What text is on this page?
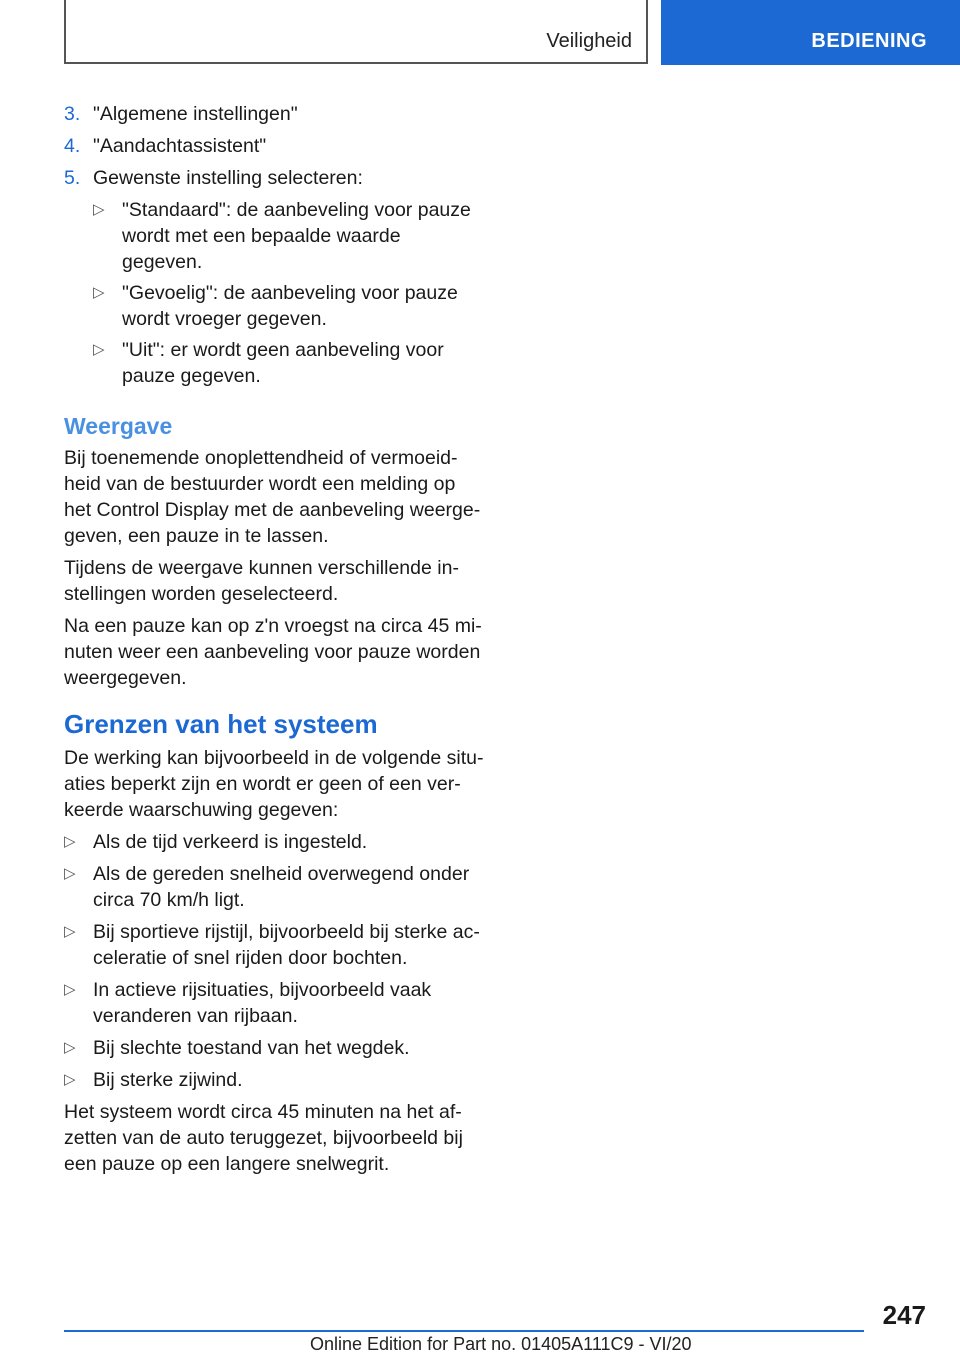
Veiligheid	BEDIENING
3. "Algemene instellingen"
4. "Aandachtassistent"
5. Gewenste instelling selecteren:
▷ "Standaard": de aanbeveling voor pauze wordt met een bepaalde waarde gegeven.
▷ "Gevoelig": de aanbeveling voor pauze wordt vroeger gegeven.
▷ "Uit": er wordt geen aanbeveling voor pauze gegeven.
Weergave

Bij toenemende onoplettendheid of vermoeidheid van de bestuurder wordt een melding op het Control Display met de aanbeveling weergegeven, een pauze in te lassen.

Tijdens de weergave kunnen verschillende instellingen worden geselecteerd.

Na een pauze kan op z'n vroegst na circa 45 minuten weer een aanbeveling voor pauze worden weergegeven.

Grenzen van het systeem

De werking kan bijvoorbeeld in de volgende situaties beperkt zijn en wordt er geen of een verkeerde waarschuwing gegeven:

▷ Als de tijd verkeerd is ingesteld.
▷ Als de gereden snelheid overwegend onder circa 70 km/h ligt.
▷ Bij sportieve rijstijl, bijvoorbeeld bij sterke acceleratie of snel rijden door bochten.
▷ In actieve rijsituaties, bijvoorbeeld vaak veranderen van rijbaan.
▷ Bij slechte toestand van het wegdek.
▷ Bij sterke zijwind.

Het systeem wordt circa 45 minuten na het afzetten van de auto teruggezet, bijvoorbeeld bij een pauze op een langere snelwegrit.

247
Online Edition for Part no. 01405A111C9 - VI/20
